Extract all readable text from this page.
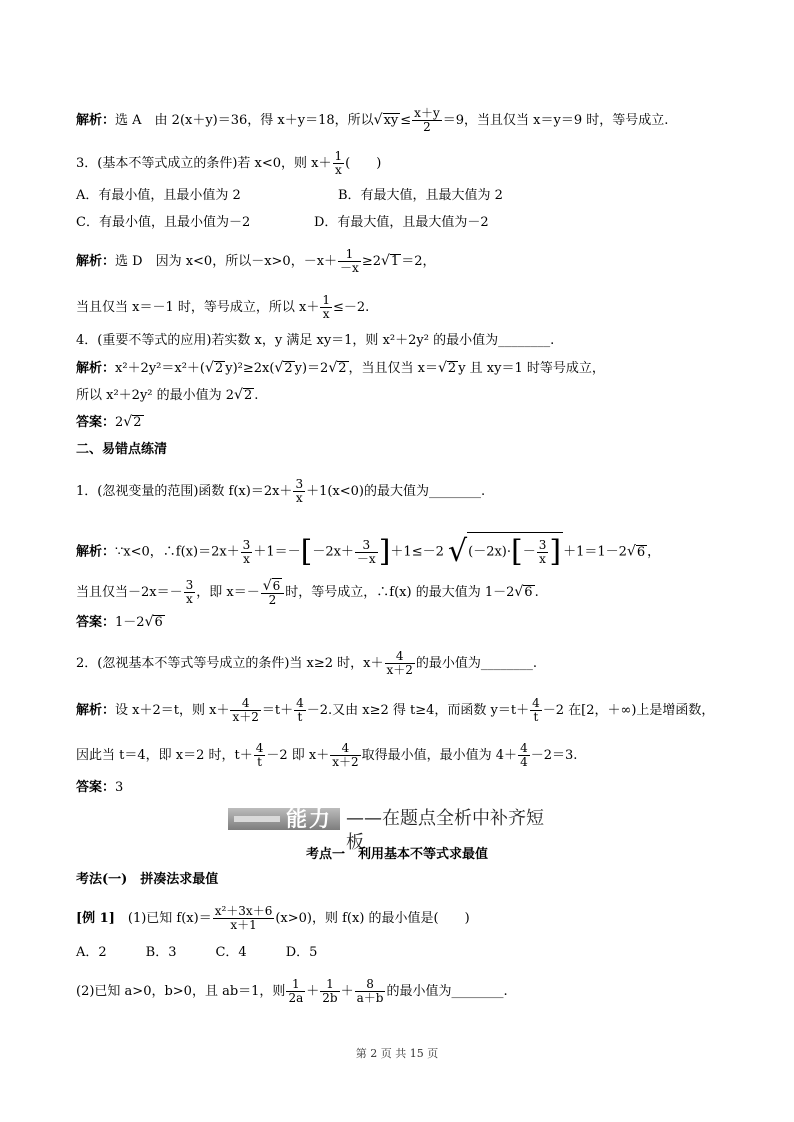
解析：选 A　由 2(x＋y)＝36，得 x＋y＝18，所以$√xy \le \frac{x+y}{2} =9$，当且仅当 x＝y＝9 时，等号成立.
3．(基本不等式成立的条件)若 x<0，则 $x+ \frac{1}{x}$ (　　)
A．有最小值，且最小值为 2	B．有最大值，且最大值为 2
C．有最小值，且最小值为－2	D．有最大值，且最大值为－2
解析：选 D　因为 x<0，所以－x>0，$-x+ \frac{1}{-x} \ge 2√1 =2$，
当且仅当 x＝－1 时，等号成立，所以 $x+ \frac{1}{x} \le-2$.
4．(重要不等式的应用)若实数 x，y 满足 xy＝1，则 x²＋2y² 的最小值为________.
解析：x²＋2y²＝x²＋(√2 y)²≥2x(√2 y)＝2√2 ，当且仅当 x＝√2 y 且 xy＝1 时等号成立，
所以 x²＋2y² 的最小值为 2√2 .
答案：2√2
二、易错点练清
1．(忽视变量的范围)函数 $f(x)=2x+ \frac{3}{x} +1(x<0)$的最大值为________.
解析：∵x<0，∴f(x)＝2x＋ $\frac{3}{x} +1=-[-2x+ \frac{3}{-x} ]+1\le-2$ $√(-2x)\cdot[- \frac{3}{x}$ ] ＋1＝1－2√6 ，
当且仅当$-2x=- \frac{3}{x}$ ，即 $x=- \frac{√6}{2}$ 时，等号成立，∴f(x) 的最大值为 1－2√6 .
答案：1－2√6
2．(忽视基本不等式等号成立的条件)当 x≥2 时，$x+ \frac{4}{x+2}$ 的最小值为________.
解析：设 x＋2＝t，则 $x+ \frac{4}{x+2} =t+ \frac{4}{t} -2$.又由 x≥2 得 t≥4，而函数 $y=t+ \frac{4}{t} -2$ 在[2，＋∞)上是增函数，
因此当 t＝4，即 x＝2 时，$t+ \frac{4}{t} -2$ 即 $x+ \frac{4}{x+2}$ 取得最小值，最小值为 $4+ \frac{4}{4} -2=3$.
答案：3
能力 ——在题点全析中补齐短板
考点一　利用基本不等式求最值
考法(一)　拼凑法求最值
[例 1]　(1)已知 $f(x)= \frac{\text{x²＋3x＋6}}{x+1} (x>0)$，则 f(x) 的最小值是(　　)
A．2　　　B．3　　　C．4　　　D．5
(2)已知 a>0，b>0，且 ab＝1，则 $\frac{1}{2a} + \frac{1}{2b} + \frac{8}{a+b}$ 的最小值为________.
第 2 页 共 15 页
